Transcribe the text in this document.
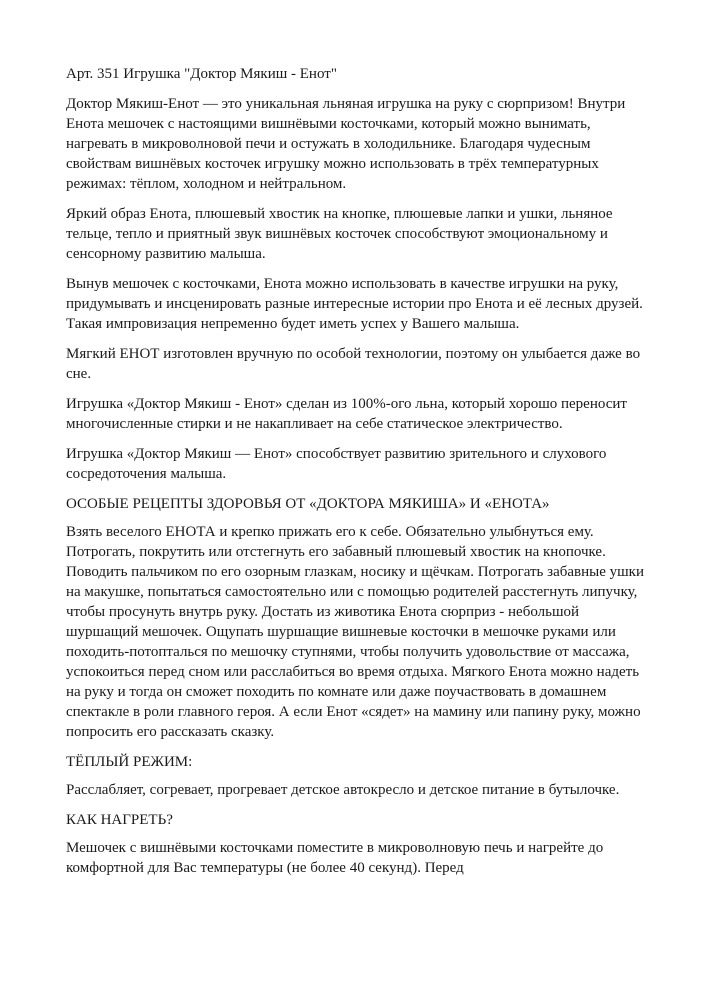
Арт. 351 Игрушка "Доктор Мякиш - Енот"

Доктор Мякиш-Енот — это уникальная льняная игрушка на руку с сюрпризом! Внутри Енота мешочек с настоящими вишнёвыми косточками, который можно вынимать, нагревать в микроволновой печи и остужать в холодильнике. Благодаря чудесным свойствам вишнёвых косточек игрушку можно использовать в трёх температурных режимах: тёплом, холодном и нейтральном.

Яркий образ Енота, плюшевый хвостик на кнопке, плюшевые лапки и ушки, льняное тельце, тепло и приятный звук вишнёвых косточек способствуют эмоциональному и сенсорному развитию малыша.

Вынув мешочек с косточками, Енота можно использовать в качестве игрушки на руку, придумывать и инсценировать разные интересные истории про Енота и её лесных друзей. Такая импровизация непременно будет иметь успех у Вашего малыша.

Мягкий ЕНОТ изготовлен вручную по особой технологии, поэтому он улыбается даже во сне.

Игрушка «Доктор Мякиш - Енот» сделан из 100%-ого льна, который хорошо переносит многочисленные стирки и не накапливает на себе статическое электричество.

Игрушка «Доктор Мякиш — Енот» способствует развитию зрительного и слухового сосредоточения малыша.

ОСОБЫЕ РЕЦЕПТЫ ЗДОРОВЬЯ ОТ «ДОКТОРА МЯКИША» И «ЕНОТА»

Взять веселого ЕНОТА и крепко прижать его к себе. Обязательно улыбнуться ему. Потрогать, покрутить или отстегнуть его забавный плюшевый хвостик на кнопочке. Поводить пальчиком по его озорным глазкам, носику и щёчкам. Потрогать забавные ушки на макушке, попытаться самостоятельно или с помощью родителей расстегнуть липучку, чтобы просунуть внутрь руку. Достать из животика Енота сюрприз - небольшой шуршащий мешочек. Ощупать шуршащие вишневые косточки в мешочке руками или походить-потопталься по мешочку ступнями, чтобы получить удовольствие от массажа, успокоиться перед сном или расслабиться во время отдыха. Мягкого Енота можно надеть на руку и тогда он сможет походить по комнате или даже поучаствовать в домашнем спектакле в роли главного героя. А если Енот «сядет» на мамину или папину руку, можно попросить его рассказать сказку.

ТЁПЛЫЙ РЕЖИМ:

Расслабляет, согревает, прогревает детское автокресло и детское питание в бутылочке.

КАК НАГРЕТЬ?

Мешочек с вишнёвыми косточками поместите в микроволновую печь и нагрейте до комфортной для Вас температуры (не более 40 секунд). Перед
